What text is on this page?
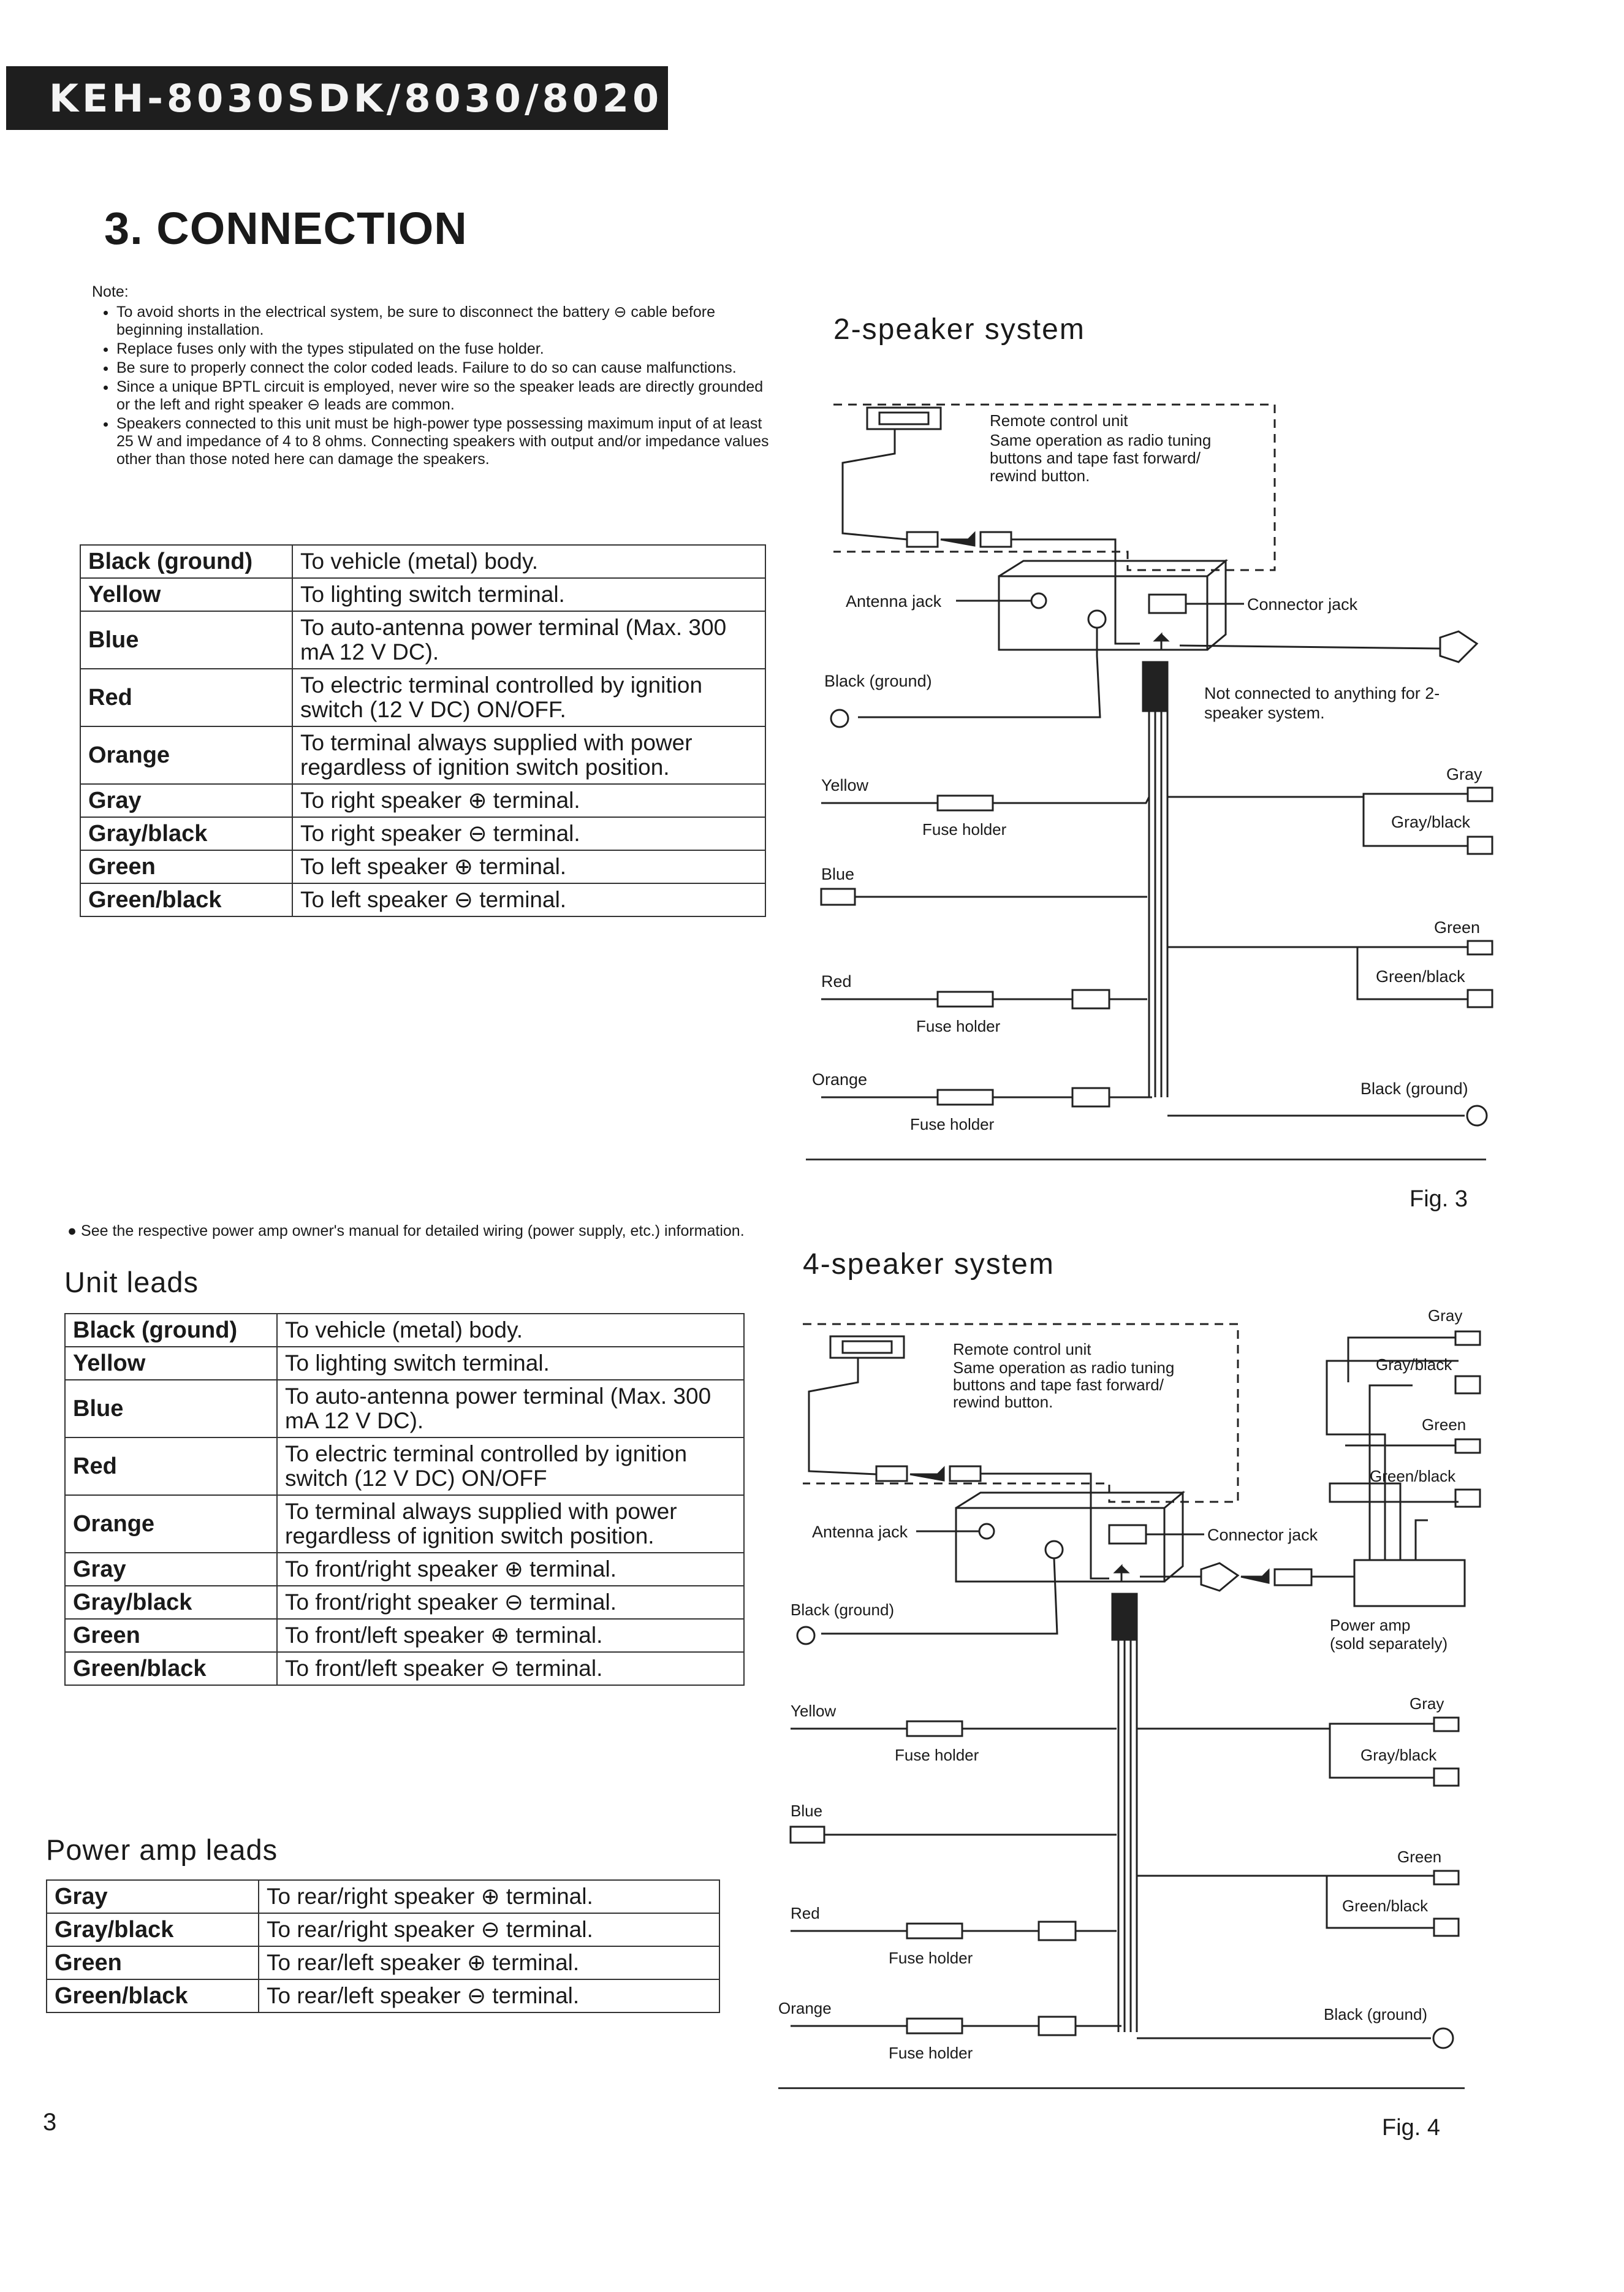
KEH-8030SDK/8030/8020
3. CONNECTION
Note:
• To avoid shorts in the electrical system, be sure to disconnect the battery ⊖ cable before beginning installation.
• Replace fuses only with the types stipulated on the fuse holder.
• Be sure to properly connect the color coded leads. Failure to do so can cause malfunctions.
• Since a unique BPTL circuit is employed, never wire so the speaker leads are directly grounded or the left and right speaker ⊖ leads are common.
• Speakers connected to this unit must be high-power type possessing maximum input of at least 25 W and impedance of 4 to 8 ohms. Connecting speakers with output and/or impedance values other than those noted here can damage the speakers.
Black (ground)	To vehicle (metal) body.
Yellow	To lighting switch terminal.
Blue	To auto-antenna power terminal (Max. 300 mA 12 V DC).
Red	To electric terminal controlled by ignition switch (12 V DC) ON/OFF.
Orange	To terminal always supplied with power regardless of ignition switch position.
Gray	To right speaker ⊕ terminal.
Gray/black	To right speaker ⊖ terminal.
Green	To left speaker ⊕ terminal.
Green/black	To left speaker ⊖ terminal.
● See the respective power amp owner's manual for detailed wiring (power supply, etc.) information.
Unit leads
Black (ground)	To vehicle (metal) body.
Yellow	To lighting switch terminal.
Blue	To auto-antenna power terminal (Max. 300 mA 12 V DC).
Red	To electric terminal controlled by ignition switch (12 V DC) ON/OFF
Orange	To terminal always supplied with power regardless of ignition switch position.
Gray	To front/right speaker ⊕ terminal.
Gray/black	To front/right speaker ⊖ terminal.
Green	To front/left speaker ⊕ terminal.
Green/black	To front/left speaker ⊖ terminal.
Power amp leads
Gray	To rear/right speaker ⊕ terminal.
Gray/black	To rear/right speaker ⊖ terminal.
Green	To rear/left speaker ⊕ terminal.
Green/black	To rear/left speaker ⊖ terminal.
2-speaker system
4-speaker system
Remote control unit
Same operation as radio tuning
buttons and tape fast forward/
rewind button.
Antenna jack	Connector jack
Not connected to anything for 2-
speaker system.
Black (ground)
Yellow
Fuse holder
Blue
Red
Fuse holder
Orange
Fuse holder
Gray
Gray/black
Green
Green/black
Black (ground)
Fig. 3
Remote control unit
Same operation as radio tuning
buttons and tape fast forward/
rewind button.
Antenna jack	Connector jack
Power amp
(sold separately)
Gray
Gray/black
Green
Green/black
Black (ground)
Yellow
Fuse holder
Blue
Red
Fuse holder
Orange
Fuse holder
Gray
Gray/black
Green
Green/black
Black (ground)
Fig. 4
3
